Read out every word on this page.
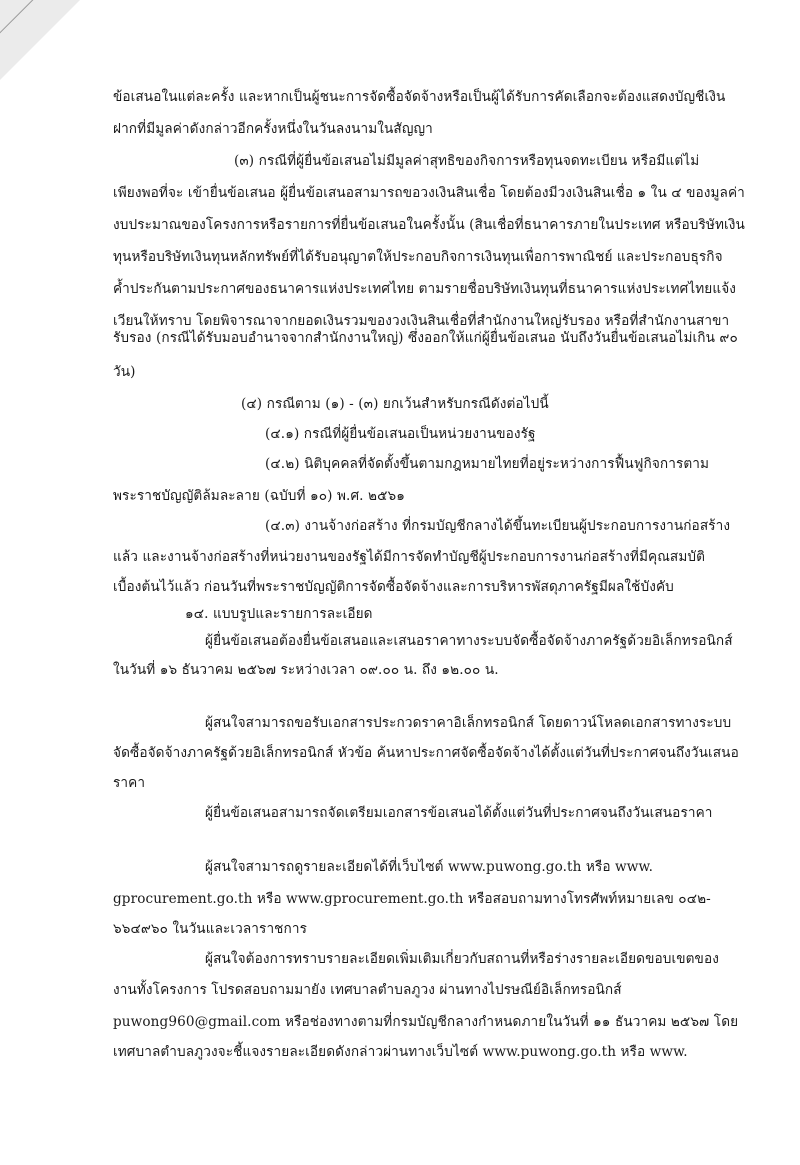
ข้อเสนอในแต่ละครั้ง และหากเป็นผู้ชนะการจัดซื้อจัดจ้างหรือเป็นผู้ได้รับการคัดเลือกจะต้องแสดงบัญชีเงิน
ฝากที่มีมูลค่าดังกล่าวอีกครั้งหนึ่งในวันลงนามในสัญญา
(๓) กรณีที่ผู้ยื่นข้อเสนอไม่มีมูลค่าสุทธิของกิจการหรือทุนจดทะเบียน หรือมีแต่ไม่
เพียงพอที่จะ เข้ายื่นข้อเสนอ ผู้ยื่นข้อเสนอสามารถขอวงเงินสินเชื่อ โดยต้องมีวงเงินสินเชื่อ ๑ ใน ๔ ของมูลค่า
งบประมาณของโครงการหรือรายการที่ยื่นข้อเสนอในครั้งนั้น (สินเชื่อที่ธนาคารภายในประเทศ หรือบริษัทเงิน
ทุนหรือบริษัทเงินทุนหลักทรัพย์ที่ได้รับอนุญาตให้ประกอบกิจการเงินทุนเพื่อการพาณิชย์ และประกอบธุรกิจ
ค้ำประกันตามประกาศของธนาคารแห่งประเทศไทย ตามรายชื่อบริษัทเงินทุนที่ธนาคารแห่งประเทศไทยแจ้ง
เวียนให้ทราบ โดยพิจารณาจากยอดเงินรวมของวงเงินสินเชื่อที่สำนักงานใหญ่รับรอง หรือที่สำนักงานสาขา
รับรอง (กรณีได้รับมอบอำนาจจากสำนักงานใหญ่) ซึ่งออกให้แก่ผู้ยื่นข้อเสนอ นับถึงวันยื่นข้อเสนอไม่เกิน ๙๐
วัน)
(๔) กรณีตาม (๑) - (๓) ยกเว้นสำหรับกรณีดังต่อไปนี้
(๔.๑) กรณีที่ผู้ยื่นข้อเสนอเป็นหน่วยงานของรัฐ
(๔.๒) นิติบุคคลที่จัดตั้งขึ้นตามกฎหมายไทยที่อยู่ระหว่างการฟื้นฟูกิจการตาม
พระราชบัญญัติล้มละลาย (ฉบับที่ ๑๐) พ.ศ. ๒๕๖๑
(๔.๓) งานจ้างก่อสร้าง ที่กรมบัญชีกลางได้ขึ้นทะเบียนผู้ประกอบการงานก่อสร้าง
แล้ว และงานจ้างก่อสร้างที่หน่วยงานของรัฐได้มีการจัดทำบัญชีผู้ประกอบการงานก่อสร้างที่มีคุณสมบัติ
เบื้องต้นไว้แล้ว ก่อนวันที่พระราชบัญญัติการจัดซื้อจัดจ้างและการบริหารพัสดุภาครัฐมีผลใช้บังคับ
๑๔. แบบรูปและรายการละเอียด
ผู้ยื่นข้อเสนอต้องยื่นข้อเสนอและเสนอราคาทางระบบจัดซื้อจัดจ้างภาครัฐด้วยอิเล็กทรอนิกส์
ในวันที่ ๑๖ ธันวาคม ๒๕๖๗ ระหว่างเวลา ๐๙.๐๐ น. ถึง ๑๒.๐๐ น.
ผู้สนใจสามารถขอรับเอกสารประกวดราคาอิเล็กทรอนิกส์ โดยดาวน์โหลดเอกสารทางระบบ
จัดซื้อจัดจ้างภาครัฐด้วยอิเล็กทรอนิกส์ หัวข้อ ค้นหาประกาศจัดซื้อจัดจ้างได้ตั้งแต่วันที่ประกาศจนถึงวันเสนอ
ราคา
ผู้ยื่นข้อเสนอสามารถจัดเตรียมเอกสารข้อเสนอได้ตั้งแต่วันที่ประกาศจนถึงวันเสนอราคา
ผู้สนใจสามารถดูรายละเอียดได้ที่เว็บไซต์ www.puwong.go.th หรือ www.
gprocurement.go.th หรือ www.gprocurement.go.th หรือสอบถามทางโทรศัพท์หมายเลข ๐๔๒-
๖๖๔๙๖๐ ในวันและเวลาราชการ
ผู้สนใจต้องการทราบรายละเอียดเพิ่มเติมเกี่ยวกับสถานที่หรือร่างรายละเอียดขอบเขตของ
งานทั้งโครงการ โปรดสอบถามมายัง เทศบาลตำบลภูวง ผ่านทางไปรษณีย์อิเล็กทรอนิกส์
puwong960@gmail.com หรือช่องทางตามที่กรมบัญชีกลางกำหนดภายในวันที่ ๑๑ ธันวาคม ๒๕๖๗ โดย
เทศบาลตำบลภูวงจะชี้แจงรายละเอียดดังกล่าวผ่านทางเว็บไซต์ www.puwong.go.th หรือ www.
